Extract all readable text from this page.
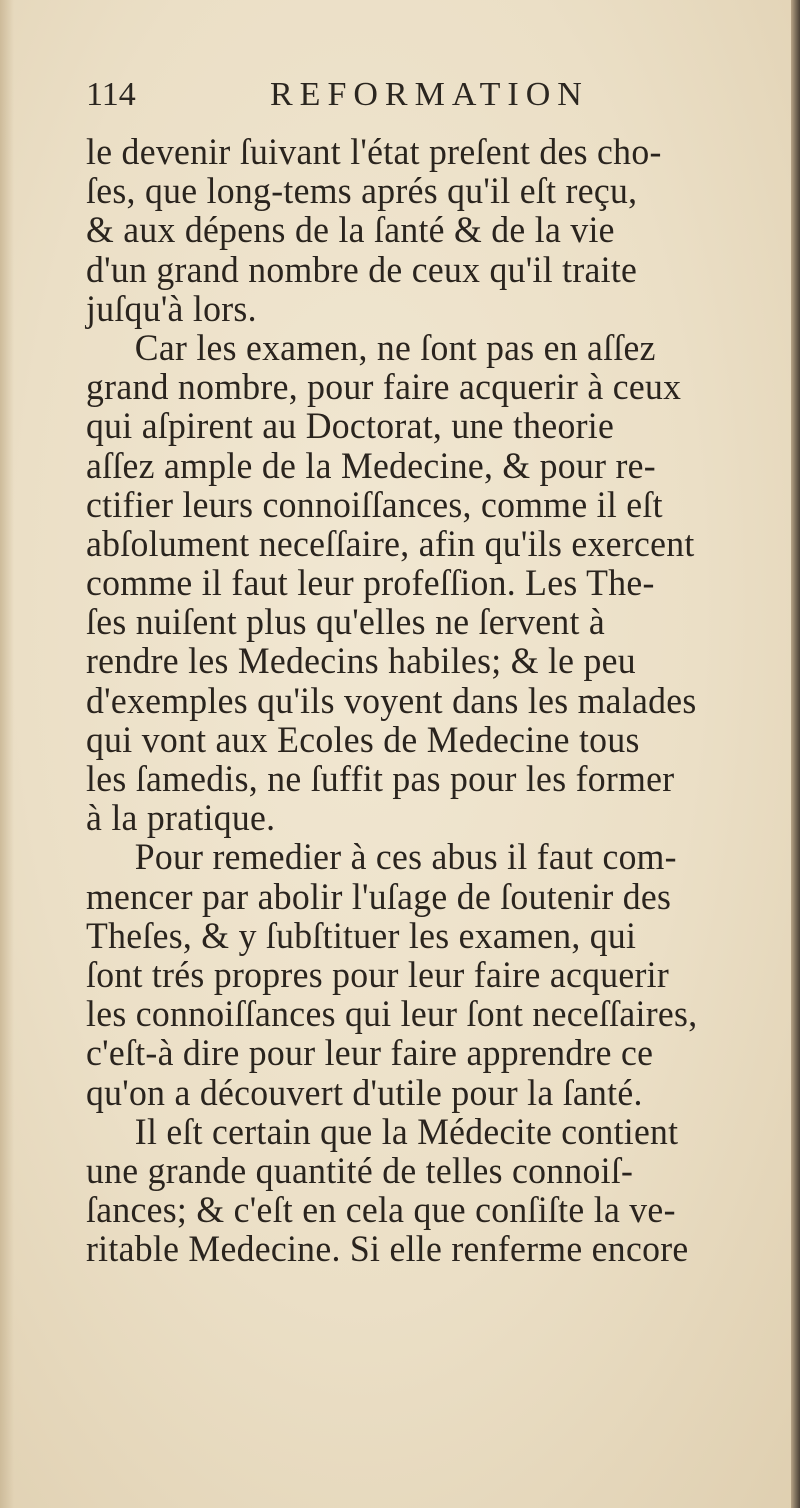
114	REFORMATION
le devenir ſuivant l'état preſent des cho-
ſes, que long-tems aprés qu'il eſt reçu,
& aux dépens de la ſanté & de la vie
d'un grand nombre de ceux qu'il traite
juſqu'à lors.
Car les examen, ne ſont pas en aſſez
grand nombre, pour faire acquerir à ceux
qui aſpirent au Doctorat, une theorie
aſſez ample de la Medecine, & pour re-
ctifier leurs connoiſſances, comme il eſt
abſolument neceſſaire, afin qu'ils exercent
comme il faut leur profeſſion. Les The-
ſes nuiſent plus qu'elles ne ſervent à
rendre les Medecins habiles; & le peu
d'exemples qu'ils voyent dans les malades
qui vont aux Ecoles de Medecine tous
les ſamedis, ne ſuffit pas pour les former
à la pratique.
Pour remedier à ces abus il faut com-
mencer par abolir l'uſage de ſoutenir des
Theſes, & y ſubſtituer les examen, qui
ſont trés propres pour leur faire acquerir
les connoiſſances qui leur ſont neceſſaires,
c'eſt-à dire pour leur faire apprendre ce
qu'on a découvert d'utile pour la ſanté.
Il eſt certain que la Médecite contient
une grande quantité de telles connoiſ-
ſances; & c'eſt en cela que conſiſte la ve-
ritable Medecine. Si elle renferme encore
